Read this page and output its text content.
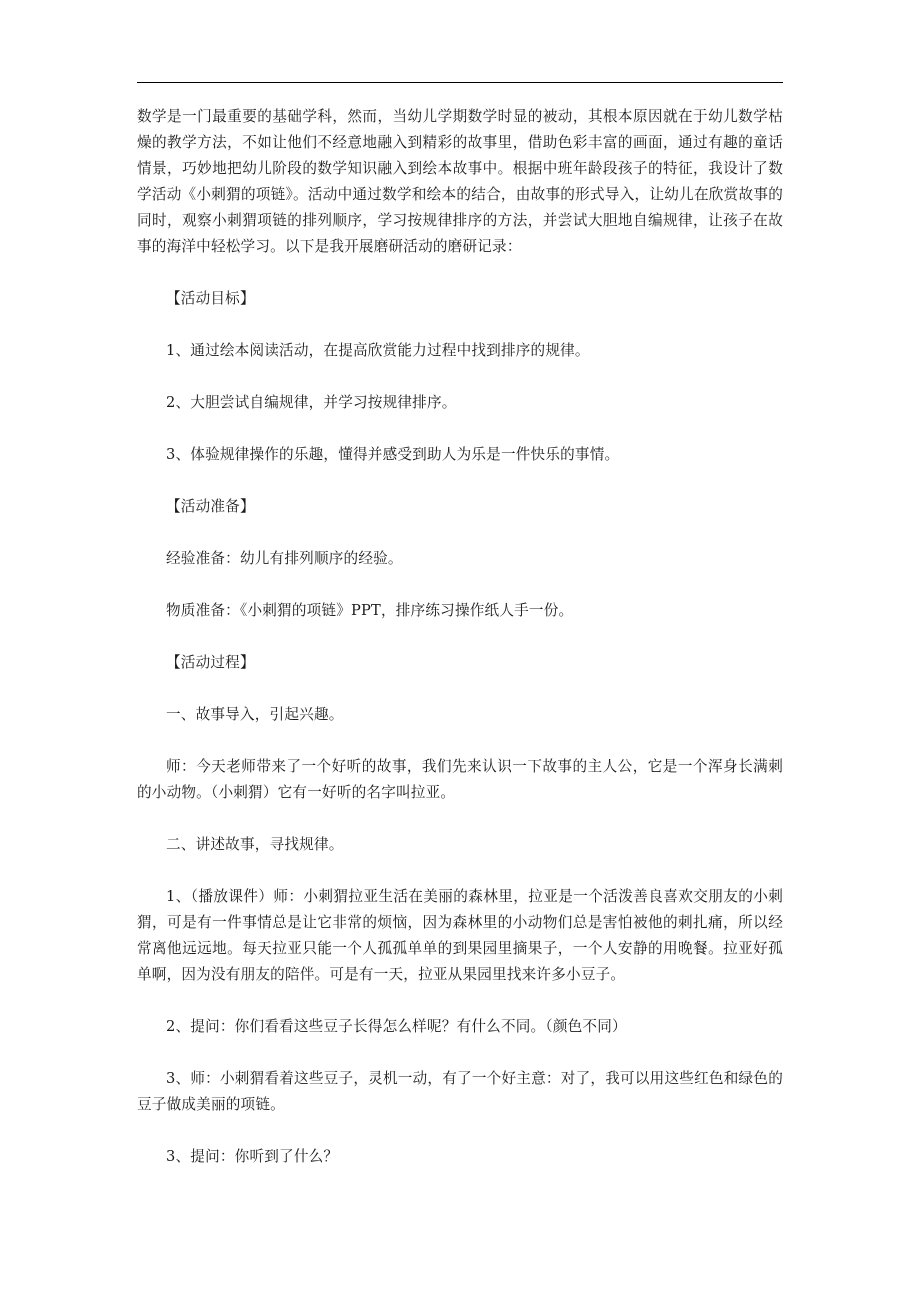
数学是一门最重要的基础学科，然而，当幼儿学期数学时显的被动，其根本原因就在于幼儿数学枯燥的教学方法，不如让他们不经意地融入到精彩的故事里，借助色彩丰富的画面，通过有趣的童话情景，巧妙地把幼儿阶段的数学知识融入到绘本故事中。根据中班年龄段孩子的特征，我设计了数学活动《小刺猬的项链》。活动中通过数学和绘本的结合，由故事的形式导入，让幼儿在欣赏故事的同时，观察小刺猬项链的排列顺序，学习按规律排序的方法，并尝试大胆地自编规律，让孩子在故事的海洋中轻松学习。以下是我开展磨研活动的磨研记录：

【活动目标】

1、通过绘本阅读活动，在提高欣赏能力过程中找到排序的规律。

2、大胆尝试自编规律，并学习按规律排序。

3、体验规律操作的乐趣，懂得并感受到助人为乐是一件快乐的事情。

【活动准备】

经验准备：幼儿有排列顺序的经验。

物质准备：《小刺猬的项链》PPT，排序练习操作纸人手一份。

【活动过程】

一、故事导入，引起兴趣。

师：今天老师带来了一个好听的故事，我们先来认识一下故事的主人公，它是一个浑身长满刺的小动物。（小刺猬）它有一好听的名字叫拉亚。

二、讲述故事，寻找规律。

1、（播放课件）师：小刺猬拉亚生活在美丽的森林里，拉亚是一个活泼善良喜欢交朋友的小刺猬，可是有一件事情总是让它非常的烦恼，因为森林里的小动物们总是害怕被他的刺扎痛，所以经常离他远远地。每天拉亚只能一个人孤孤单单的到果园里摘果子，一个人安静的用晚餐。拉亚好孤单啊，因为没有朋友的陪伴。可是有一天，拉亚从果园里找来许多小豆子。

2、提问：你们看看这些豆子长得怎么样呢？有什么不同。（颜色不同）

3、师：小刺猬看着这些豆子，灵机一动，有了一个好主意：对了，我可以用这些红色和绿色的豆子做成美丽的项链。

3、提问：你听到了什么？
